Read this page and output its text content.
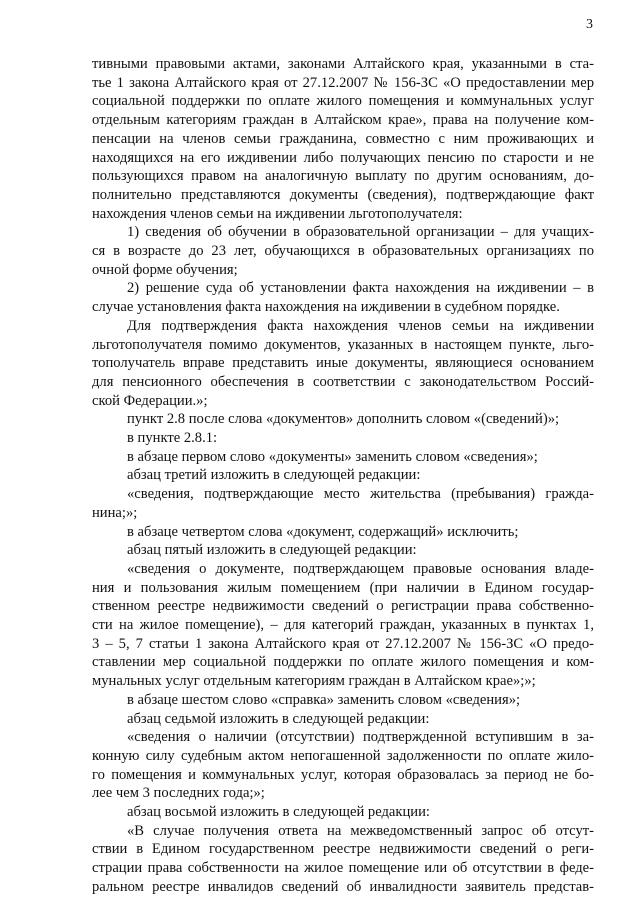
3
тивными правовыми актами, законами Алтайского края, указанными в ста-
тье 1 закона Алтайского края от 27.12.2007 № 156-ЗС «О предоставлении мер
социальной поддержки по оплате жилого помещения и коммунальных услуг
отдельным категориям граждан в Алтайском крае», права на получение ком-
пенсации на членов семьи гражданина, совместно с ним проживающих и
находящихся на его иждивении либо получающих пенсию по старости и не
пользующихся правом на аналогичную выплату по другим основаниям, до-
полнительно представляются документы (сведения), подтверждающие факт
нахождения членов семьи на иждивении льготополучателя:
1) сведения об обучении в образовательной организации – для учащих-
ся в возрасте до 23 лет, обучающихся в образовательных организациях по
очной форме обучения;
2) решение суда об установлении факта нахождения на иждивении – в
случае установления факта нахождения на иждивении в судебном порядке.
Для подтверждения факта нахождения членов семьи на иждивении
льготополучателя помимо документов, указанных в настоящем пункте, льго-
тополучатель вправе представить иные документы, являющиеся основанием
для пенсионного обеспечения в соответствии с законодательством Россий-
ской Федерации.»;
пункт 2.8 после слова «документов» дополнить словом «(сведений)»;
в пункте 2.8.1:
в абзаце первом слово «документы» заменить словом «сведения»;
абзац третий изложить в следующей редакции:
«сведения, подтверждающие место жительства (пребывания) гражда-
нина;»;
в абзаце четвертом слова «документ, содержащий» исключить;
абзац пятый изложить в следующей редакции:
«сведения о документе, подтверждающем правовые основания владе-
ния и пользования жилым помещением (при наличии в Едином государ-
ственном реестре недвижимости сведений о регистрации права собственно-
сти на жилое помещение), – для категорий граждан, указанных в пунктах 1,
3 – 5, 7 статьи 1 закона Алтайского края от 27.12.2007 № 156-ЗС «О предо-
ставлении мер социальной поддержки по оплате жилого помещения и ком-
мунальных услуг отдельным категориям граждан в Алтайском крае»;»;
в абзаце шестом слово «справка» заменить словом «сведения»;
абзац седьмой изложить в следующей редакции:
«сведения о наличии (отсутствии) подтвержденной вступившим в за-
конную силу судебным актом непогашенной задолженности по оплате жило-
го помещения и коммунальных услуг, которая образовалась за период не бо-
лее чем 3 последних года;»;
абзац восьмой изложить в следующей редакции:
«В случае получения ответа на межведомственный запрос об отсут-
ствии в Едином государственном реестре недвижимости сведений о реги-
страции права собственности на жилое помещение или об отсутствии в феде-
ральном реестре инвалидов сведений об инвалидности заявитель представ-
